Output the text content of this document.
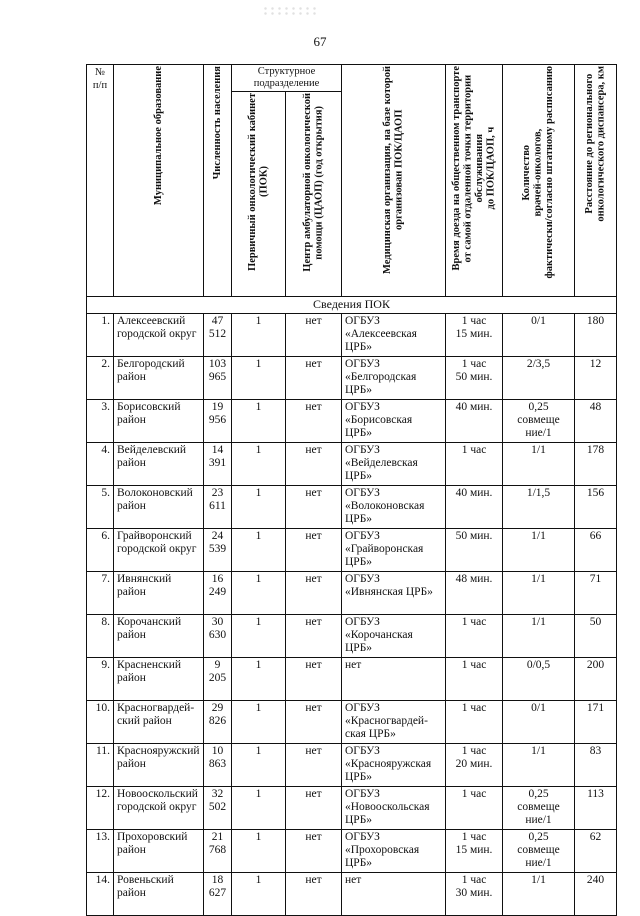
67
№
п/п	Муниципальное образование	Численность населения	Структурное подразделение		Медицинская организация, на базе которой
организован ПОК/ЦАОП	Время доезда на общественном транспорте
от самой отдаленной точки территории
обслуживания
до ПОК/ЦАОП, ч	Количество
врачей-онкологов,
фактически/согласно штатному расписанию	Расстояние до регионального
онкологического диспансера, км

			Первичный онкологический кабинет
(ПОК)	Центр амбулаторной онкологической
помощи (ЦАОП) (год открытия)				

Сведения ПОК								
1.	Алексеевский городской округ	47
512	1	нет	ОГБУЗ
«Алексеевская
ЦРБ»	1 час
15 мин.	0/1	180
2.	Белгородский район	103
965	1	нет	ОГБУЗ
«Белгородская
ЦРБ»	1 час
50 мин.	2/3,5	12
3.	Борисовский район	19
956	1	нет	ОГБУЗ
«Борисовская
ЦРБ»	40 мин.	0,25
совмеще
ние/1	48
4.	Вейделевский район	14
391	1	нет	ОГБУЗ
«Вейделевская
ЦРБ»	1 час	1/1	178
5.	Волоконовский район	23
611	1	нет	ОГБУЗ
«Волоконовская
ЦРБ»	40 мин.	1/1,5	156
6.	Грайворонский городской округ	24
539	1	нет	ОГБУЗ
«Грайворонская
ЦРБ»	50 мин.	1/1	66
7.	Ивнянский район	16
249	1	нет	ОГБУЗ
«Ивнянская ЦРБ»	48 мин.	1/1	71
8.	Корочанский район	30
630	1	нет	ОГБУЗ
«Корочанская
ЦРБ»	1 час	1/1	50
9.	Красненский район	9
205	1	нет	нет	1 час	0/0,5	200
10.	Красногвардей-ский район	29
826	1	нет	ОГБУЗ
«Красногвардей-
ская ЦРБ»	1 час	0/1	171
11.	Краснояружский район	10
863	1	нет	ОГБУЗ
«Краснояружская
ЦРБ»	1 час
20 мин.	1/1	83
12.	Новооскольский городской округ	32
502	1	нет	ОГБУЗ
«Новооскольская
ЦРБ»	1 час	0,25
совмеще
ние/1	113
13.	Прохоровский район	21
768	1	нет	ОГБУЗ
«Прохоровская
ЦРБ»	1 час
15 мин.	0,25
совмеще
ние/1	62
14.	Ровеньский район	18
627	1	нет	нет	1 час
30 мин.	1/1	240
